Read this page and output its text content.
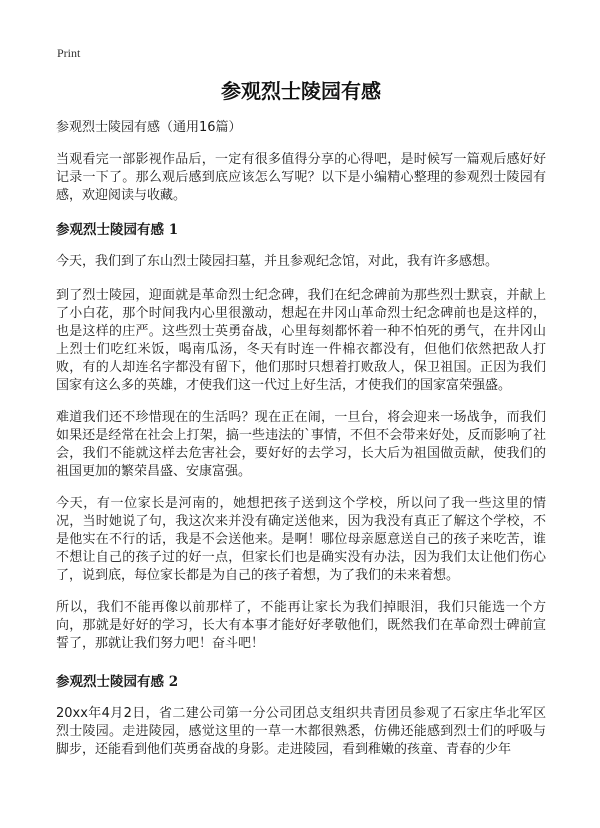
Print
参观烈士陵园有感
参观烈士陵园有感（通用16篇）

当观看完一部影视作品后，一定有很多值得分享的心得吧，是时候写一篇观后感好好记录一下了。那么观后感到底应该怎么写呢？以下是小编精心整理的参观烈士陵园有感，欢迎阅读与收藏。

参观烈士陵园有感 1

今天，我们到了东山烈士陵园扫墓，并且参观纪念馆，对此，我有许多感想。

到了烈士陵园，迎面就是革命烈士纪念碑，我们在纪念碑前为那些烈士默哀，并献上了小白花，那个时间我内心里很激动，想起在井冈山革命烈士纪念碑前也是这样的，也是这样的庄严。这些烈士英勇奋战，心里每刻都怀着一种不怕死的勇气，在井冈山上烈士们吃红米饭，喝南瓜汤，冬天有时连一件棉衣都没有，但他们依然把敌人打败，有的人却连名字都没有留下，他们那时只想着打败敌人，保卫祖国。正因为我们国家有这么多的英雄，才使我们这一代过上好生活，才使我们的国家富荣强盛。

难道我们还不珍惜现在的生活吗？现在正在闹，一旦台，将会迎来一场战争，而我们如果还是经常在社会上打架，搞一些违法的`事情，不但不会带来好处，反而影响了社会，我们不能就这样去危害社会，要好好的去学习，长大后为祖国做贡献，使我们的祖国更加的繁荣昌盛、安康富强。

今天，有一位家长是河南的，她想把孩子送到这个学校，所以问了我一些这里的情况，当时她说了句，我这次来并没有确定送他来，因为我没有真正了解这个学校，不是他实在不行的话，我是不会送他来。是啊！哪位母亲愿意送自己的孩子来吃苦，谁不想让自己的孩子过的好一点，但家长们也是确实没有办法，因为我们太让他们伤心了，说到底，每位家长都是为自己的孩子着想，为了我们的未来着想。

所以，我们不能再像以前那样了，不能再让家长为我们掉眼泪，我们只能选一个方向，那就是好好的学习，长大有本事才能好好孝敬他们，既然我们在革命烈士碑前宣誓了，那就让我们努力吧！奋斗吧！

参观烈士陵园有感 2

20xx年4月2日，省二建公司第一分公司团总支组织共青团员参观了石家庄华北军区烈士陵园。走进陵园，感觉这里的一草一木都很熟悉，仿佛还能感到烈士们的呼吸与脚步，还能看到他们英勇奋战的身影。走进陵园，看到稚嫩的孩童、青春的少年
